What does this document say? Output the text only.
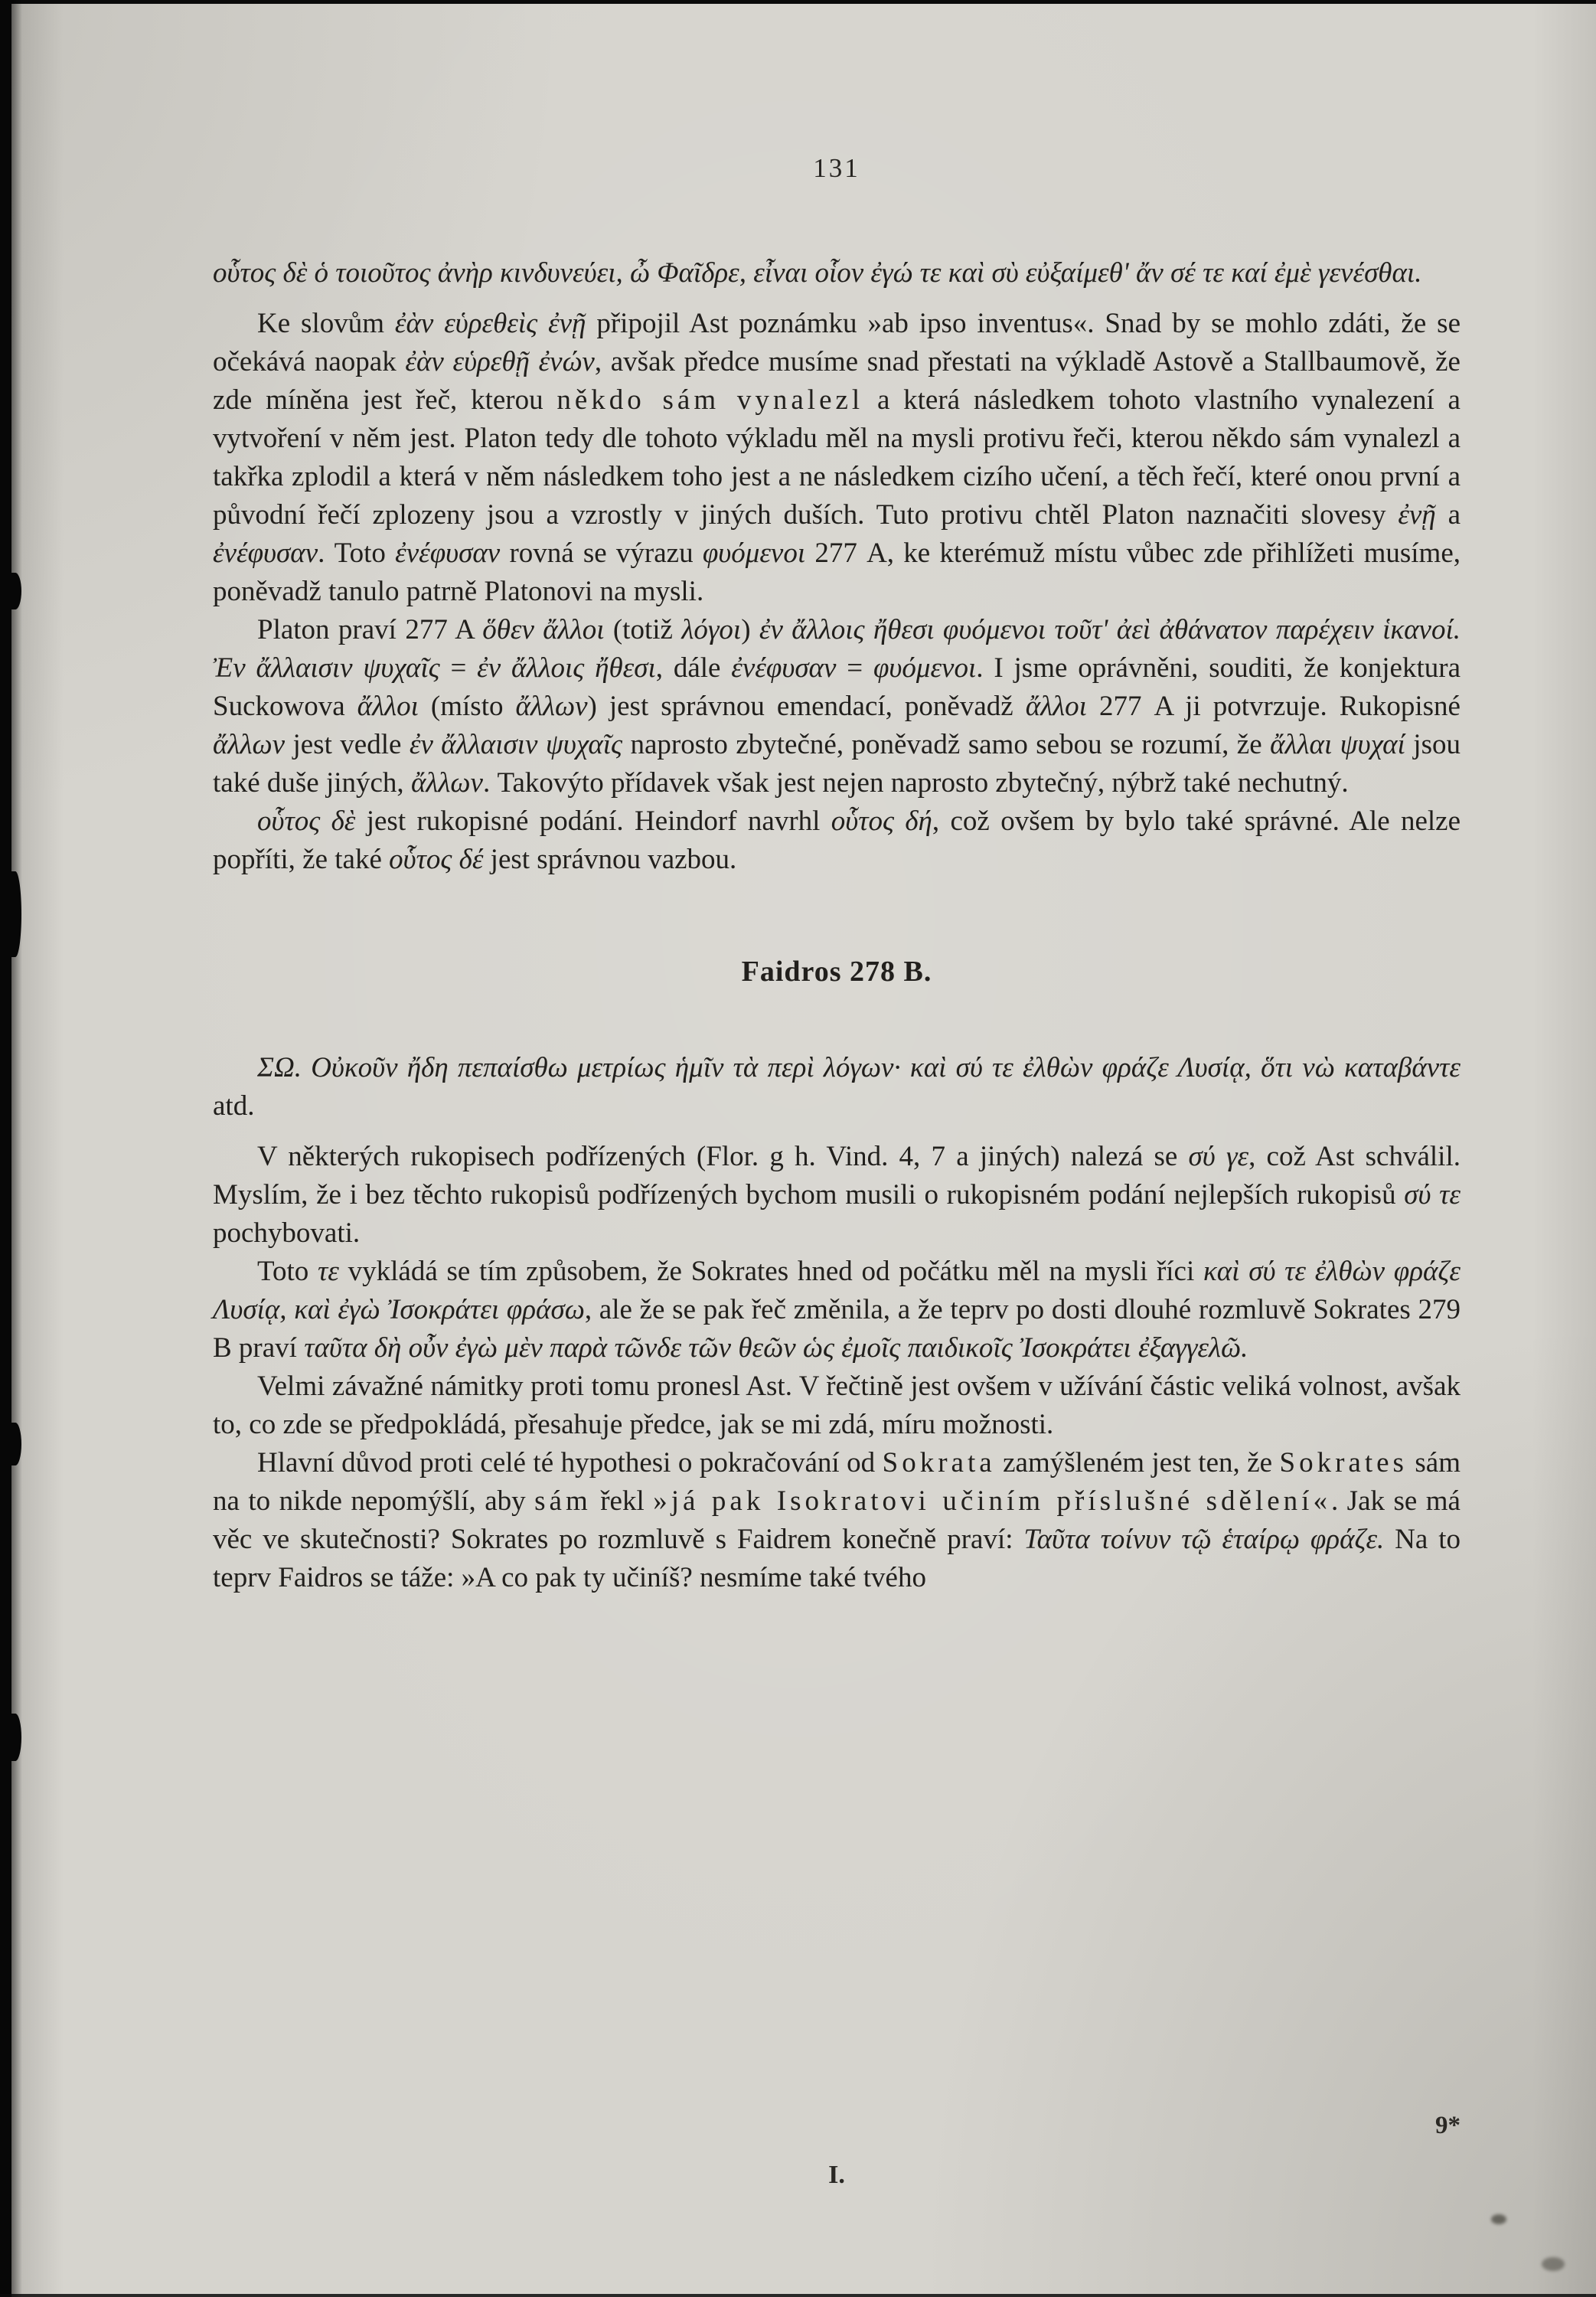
131

οὗτος δὲ ὁ τοιοῦτος ἀνὴρ κινδυνεύει, ὦ Φαῖδρε, εἶναι οἷον ἐγώ τε καὶ σὺ εὐξαίμεθ' ἄν σέ τε καί ἐμὲ γενέσθαι.

Ke slovům ἐὰν εὑρεθεὶς ἐνῇ připojil Ast poznámku »ab ipso inventus«. Snad by se mohlo zdáti, že se očekává naopak ἐὰν εὑρεθῇ ἐνών, avšak předce musíme snad přestati na výkladě Astově a Stallbaumově, že zde míněna jest řeč, kterou někdo sám vynalezl a která následkem tohoto vlastního vynalezení a vytvoření v něm jest. Platon tedy dle tohoto výkladu měl na mysli protivu řeči, kterou někdo sám vynalezl a takřka zplodil a která v něm následkem toho jest a ne následkem cizího učení, a těch řečí, které onou první a původní řečí zplozeny jsou a vzrostly v jiných duších. Tuto protivu chtěl Platon naznačiti slovesy ἐνῇ a ἐνέφυσαν. Toto ἐνέφυσαν rovná se výrazu φυόμενοι 277 A, ke kterémuž místu vůbec zde přihlížeti musíme, poněvadž tanulo patrně Platonovi na mysli.

Platon praví 277 A ὅθεν ἄλλοι (totiž λόγοι) ἐν ἄλλοις ἤθεσι φυόμενοι τοῦτ' ἀεὶ ἀθάνατον παρέχειν ἱκανοί. Ἐν ἄλλαισιν ψυχαῖς = ἐν ἄλλοις ἤθεσι, dále ἐνέφυσαν = φυόμενοι. I jsme oprávněni, souditi, že konjektura Suckowova ἄλλοι (místo ἄλλων) jest správnou emendací, poněvadž ἄλλοι 277 A ji potvrzuje. Rukopisné ἄλλων jest vedle ἐν ἄλλαισιν ψυχαῖς naprosto zbytečné, poněvadž samo sebou se rozumí, že ἄλλαι ψυχαί jsou také duše jiných, ἄλλων. Takovýto přídavek však jest nejen naprosto zbytečný, nýbrž také nechutný.

οὗτος δὲ jest rukopisné podání. Heindorf navrhl οὗτος δή, což ovšem by bylo také správné. Ale nelze popříti, že také οὗτος δέ jest správnou vazbou.

Faidros 278 B.

ΣΩ. Οὐκοῦν ἤδη πεπαίσθω μετρίως ἡμῖν τὰ περὶ λόγων· καὶ σύ τε ἐλθὼν φράζε Λυσίᾳ, ὅτι νὼ καταβάντε atd.

V některých rukopisech podřízených (Flor. g h. Vind. 4, 7 a jiných) nalezá se σύ γε, což Ast schválil. Myslím, že i bez těchto rukopisů podřízených bychom musili o rukopisném podání nejlepších rukopisů σύ τε pochybovati.

Toto τε vykládá se tím způsobem, že Sokrates hned od počátku měl na mysli říci καὶ σύ τε ἐλθὼν φράζε Λυσίᾳ, καὶ ἐγὼ Ἰσοκράτει φράσω, ale že se pak řeč změnila, a že teprv po dosti dlouhé rozmluvě Sokrates 279 B praví ταῦτα δὴ οὖν ἐγὼ μὲν παρὰ τῶνδε τῶν θεῶν ὡς ἐμοῖς παιδικοῖς Ἰσοκράτει ἐξαγγελῶ.

Velmi závažné námitky proti tomu pronesl Ast. V řečtině jest ovšem v užívání částic veliká volnost, avšak to, co zde se předpokládá, přesahuje předce, jak se mi zdá, míru možnosti.

Hlavní důvod proti celé té hypothesi o pokračování od Sokrata zamýšleném jest ten, že Sokrates sám na to nikde nepomýšlí, aby sám řekl »já pak Isokratovi učiním příslušné sdělení«. Jak se má věc ve skutečnosti? Sokrates po rozmluvě s Faidrem konečně praví: Ταῦτα τοίνυν τῷ ἑταίρῳ φράζε. Na to teprv Faidros se táže: »A co pak ty učiníš? nesmíme také tvého

9*
I.
